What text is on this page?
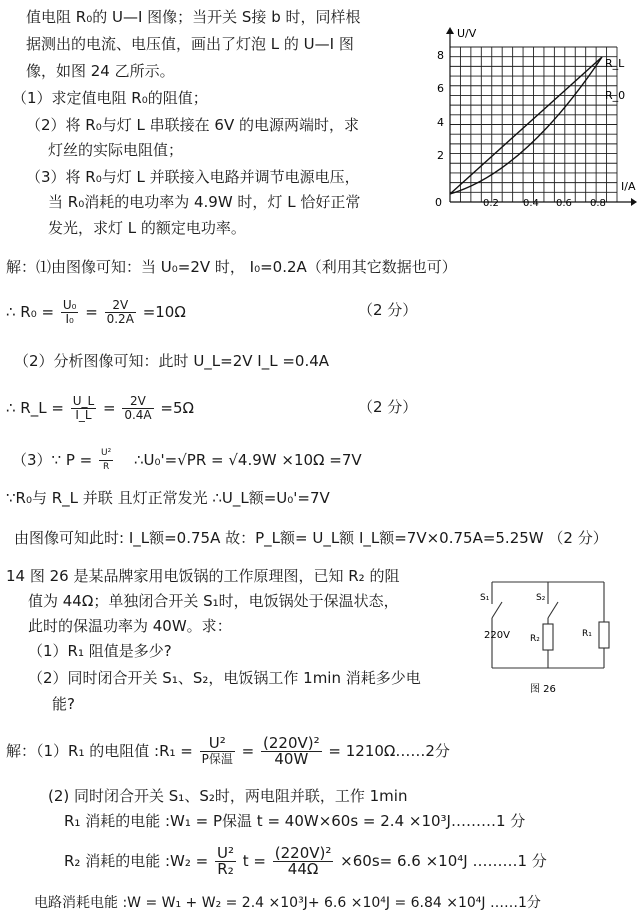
值电阻 R₀的 U—I 图像；当开关 S接 b 时，同样根
据测出的电流、电压值，画出了灯泡 L 的 U—I 图
像，如图 24 乙所示。
（1）求定值电阻 R₀的阻值；
（2）将 R₀与灯 L 串联接在 6V 的电源两端时，求
灯丝的实际电阻值；
（3）将 R₀与灯 L 并联接入电路并调节电源电压，
当 R₀消耗的电功率为 4.9W 时，灯 L 恰好正常
发光，求灯 L 的额定电功率。
U/V
I/A
0
2
4
6
8
0.2 0.4 0.6 0.8
R_L
R_0
解：⑴由图像可知：当 U₀=2V 时， I₀=0.2A（利用其它数据也可）
∴ $R_0 = \frac{\text{U₀}}{\text{I₀}} = \frac{2V}{0.2A} =10\Omega$	（2 分）
（2）分析图像可知：此时 U_L=2V I_L =0.4A
∴ R_L = $\frac{U\_L}{I\_L} = \frac{2V}{0.4A} =5\Omega$	（2 分）
（3）∵ $P = \frac{\text{U²}}{R}$ ∴U₀'=√PR = √4.9W ×10Ω =7V
∵R₀与 R_L 并联 且灯正常发光 ∴U_L额=U₀'=7V
由图像可知此时: I_L额=0.75A 故：P_L额= U_L额 I_L额=7V×0.75A=5.25W （2 分）
14 图 26 是某品牌家用电饭锅的工作原理图，已知 R₂ 的阻
值为 44Ω；单独闭合开关 S₁时，电饭锅处于保温状态，
此时的保温功率为 40W。求：
（1）R₁ 阻值是多少?
（2）同时闭合开关 S₁、S₂，电饭锅工作 1min 消耗多少电
能?
S₁	S₂
220V R₂	R₁
图 26
解：（1）R₁ 的电阻值 :R₁ = $\frac{\text{U²}}{\text{P保温}} = \frac{\text{(220V)²}}{40W}$ = 1210Ω……2分
(2) 同时闭合开关 S₁、S₂时，两电阻并联，工作 1min
R₁ 消耗的电能 :W₁ = P保温 t = 40W×60s = 2.4 ×10³J………1 分
R₂ 消耗的电能 :W₂ = $\frac{\text{U²}}{\text{R₂}}$ $t = \frac{\text{(220V)²}}{44\Omega} \times 60s= 6.6 \times 10^4J$ ………1 分
电路消耗电能 :W = W₁ + W₂ = 2.4 ×10³J+ 6.6 ×10⁴J = 6.84 ×10⁴J ……1分
